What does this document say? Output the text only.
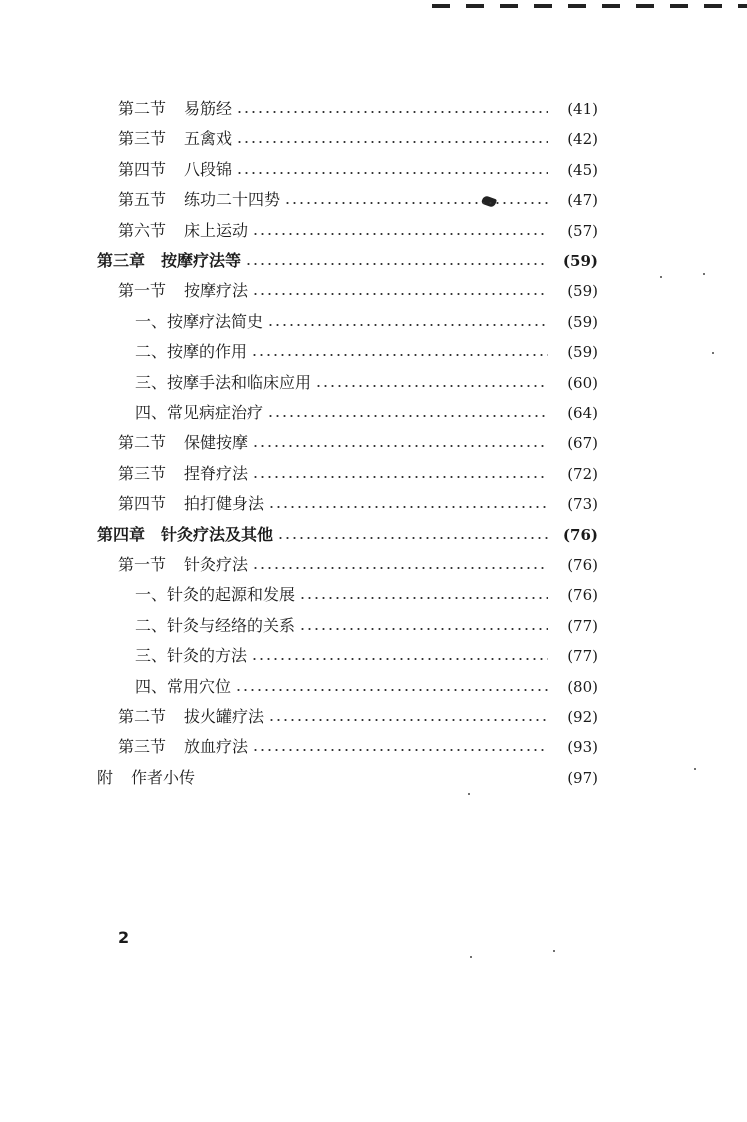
第二节 易筋经	(41)
第三节 五禽戏	(42)
第四节 八段锦	(45)
第五节 练功二十四势	(47)
第六节 床上运动	(57)
第三章 按摩疗法等	(59)
第一节 按摩疗法	(59)
一、按摩疗法简史	(59)
二、按摩的作用	(59)
三、按摩手法和临床应用	(60)
四、常见病症治疗	(64)
第二节 保健按摩	(67)
第三节 捏脊疗法	(72)
第四节 拍打健身法	(73)
第四章 针灸疗法及其他	(76)
第一节 针灸疗法	(76)
一、针灸的起源和发展	(76)
二、针灸与经络的关系	(77)
三、针灸的方法	(77)
四、常用穴位	(80)
第二节 拔火罐疗法	(92)
第三节 放血疗法	(93)
附 作者小传	(97)
2
